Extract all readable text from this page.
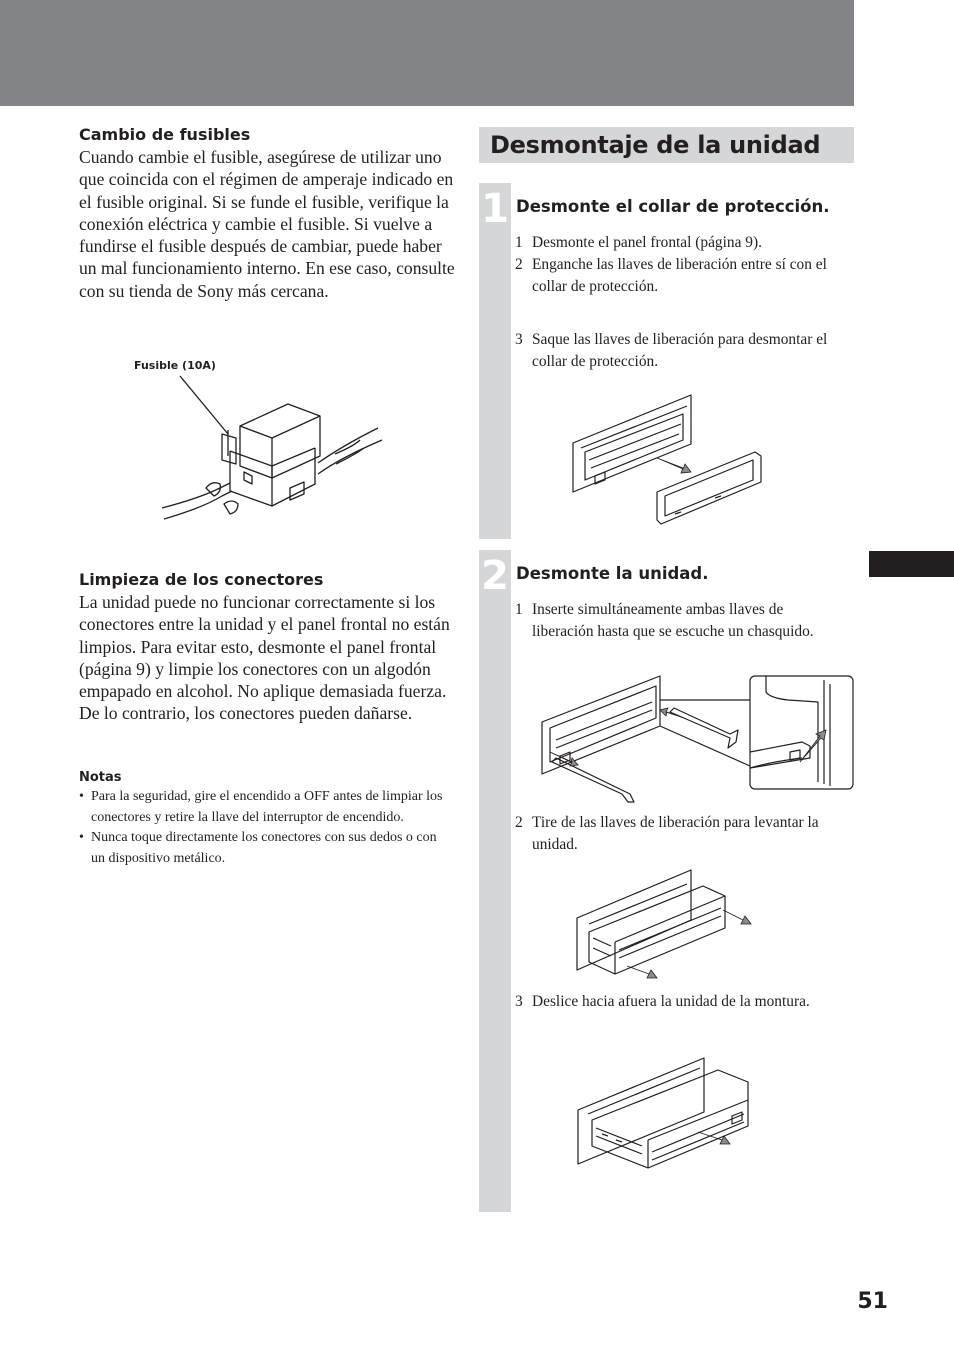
Cambio de fusibles

Cuando cambie el fusible, asegúrese de utilizar uno que coincida con el régimen de amperaje indicado en el fusible original. Si se funde el fusible, verifique la conexión eléctrica y cambie el fusible. Si vuelve a fundirse el fusible después de cambiar, puede haber un mal funcionamiento interno. En ese caso, consulte con su tienda de Sony más cercana.

Fusible (10A)
Limpieza de los conectores

La unidad puede no funcionar correctamente si los conectores entre la unidad y el panel frontal no están limpios. Para evitar esto, desmonte el panel frontal (página 9) y limpie los conectores con un algodón empapado en alcohol. No aplique demasiada fuerza. De lo contrario, los conectores pueden dañarse.

Notas
• Para la seguridad, gire el encendido a OFF antes de limpiar los conectores y retire la llave del interruptor de encendido.
• Nunca toque directamente los conectores con sus dedos o con un dispositivo metálico.
Desmontaje de la unidad
1 Desmonte el collar de protección.
1 Desmonte el panel frontal (página 9).
2 Enganche las llaves de liberación entre sí con el collar de protección.
3 Saque las llaves de liberación para desmontar el collar de protección.
2 Desmonte la unidad.
1 Inserte simultáneamente ambas llaves de liberación hasta que se escuche un chasquido.
2 Tire de las llaves de liberación para levantar la unidad.
3 Deslice hacia afuera la unidad de la montura.
51
